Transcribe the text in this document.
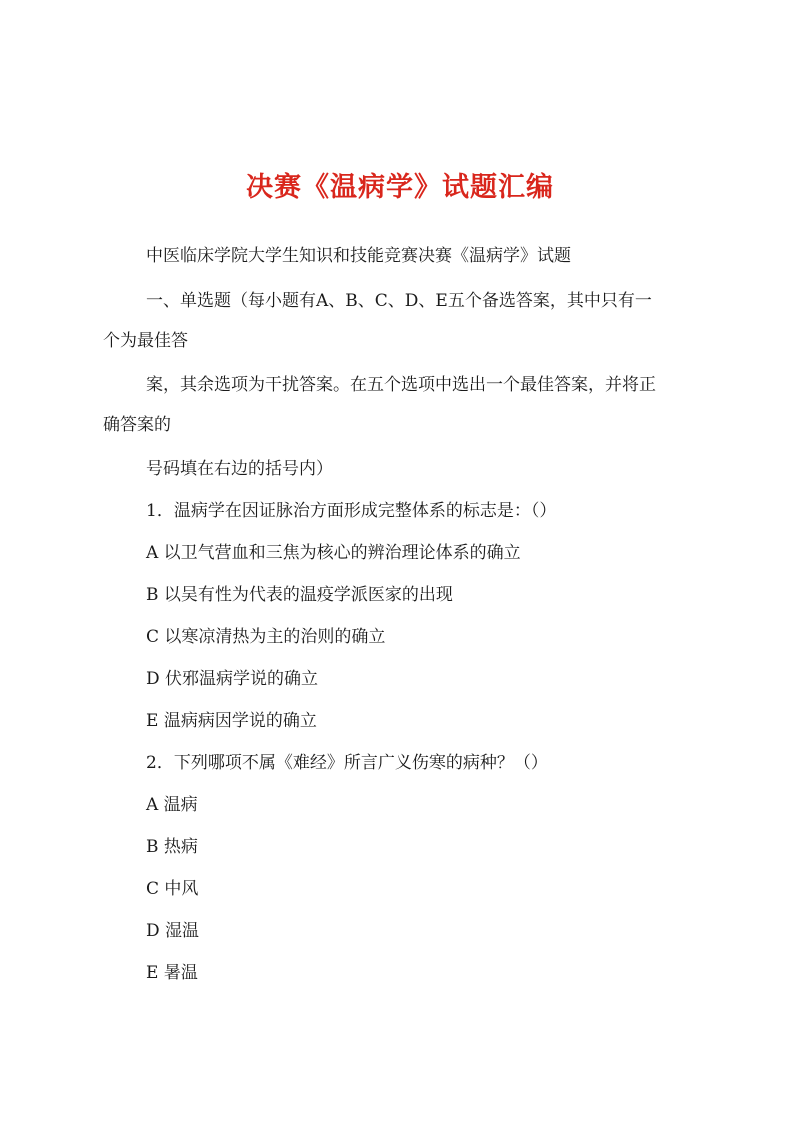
决赛《温病学》试题汇编
中医临床学院大学生知识和技能竞赛决赛《温病学》试题
一、单选题（每小题有A、B、C、D、E五个备选答案，其中只有一
个为最佳答
案，其余选项为干扰答案。在五个选项中选出一个最佳答案，并将正
确答案的
号码填在右边的括号内）
1．温病学在因证脉治方面形成完整体系的标志是：（）
A 以卫气营血和三焦为核心的辨治理论体系的确立
B 以吴有性为代表的温疫学派医家的出现
C 以寒凉清热为主的治则的确立
D 伏邪温病学说的确立
E 温病病因学说的确立
2．下列哪项不属《难经》所言广义伤寒的病种？（）
A 温病
B 热病
C 中风
D 湿温
E 暑温
